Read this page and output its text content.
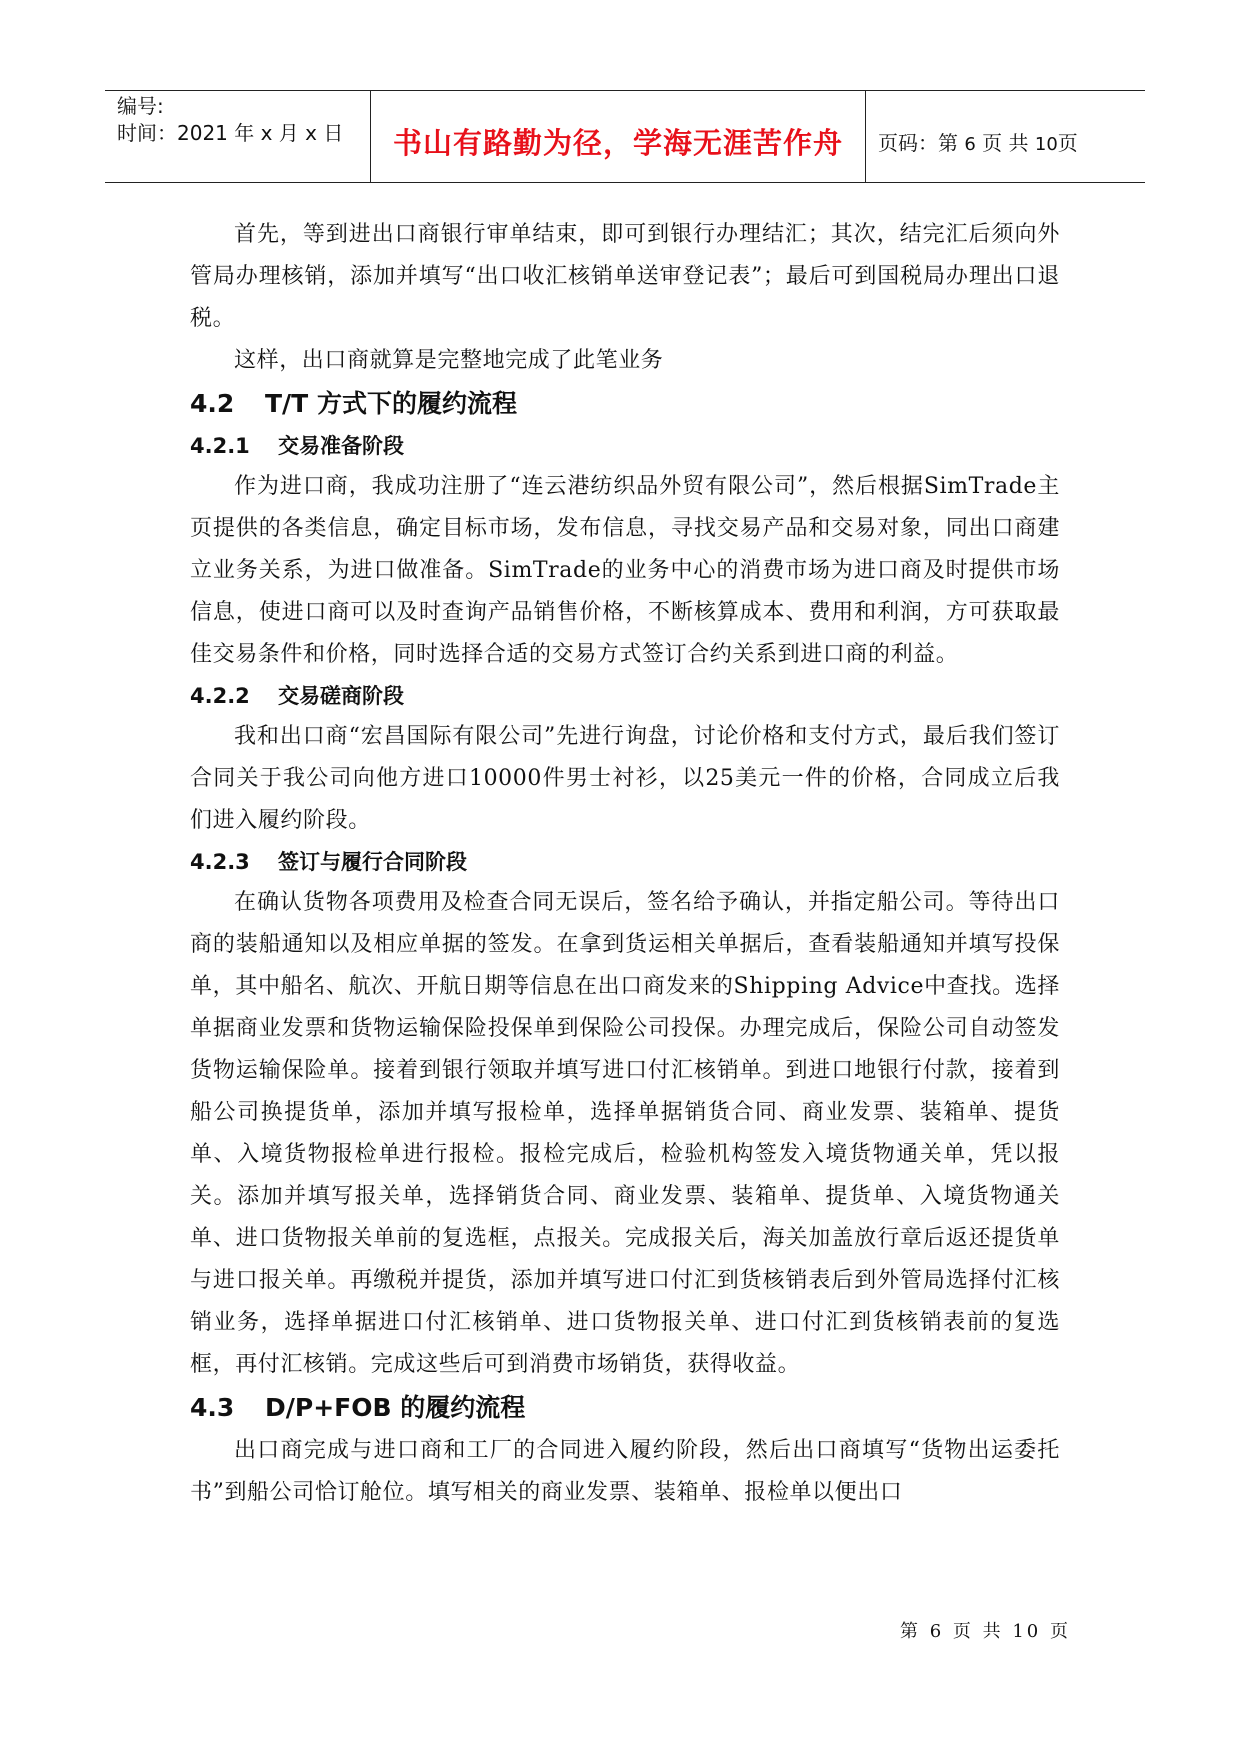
编号:
时间：2021 年 x 月 x 日	书山有路勤为径，学海无涯苦作舟	页码：第 6 页 共 10页

首先，等到进出口商银行审单结束，即可到银行办理结汇；其次，结完汇后须向外管局办理核销，添加并填写“出口收汇核销单送审登记表”；最后可到国税局办理出口退税。

这样，出口商就算是完整地完成了此笔业务

4.2 T/T 方式下的履约流程
4.2.1 交易准备阶段

作为进口商，我成功注册了“连云港纺织品外贸有限公司”，然后根据SimTrade主页提供的各类信息，确定目标市场，发布信息，寻找交易产品和交易对象，同出口商建立业务关系，为进口做准备。SimTrade的业务中心的消费市场为进口商及时提供市场信息，使进口商可以及时查询产品销售价格，不断核算成本、费用和利润，方可获取最佳交易条件和价格，同时选择合适的交易方式签订合约关系到进口商的利益。

4.2.2 交易磋商阶段

我和出口商“宏昌国际有限公司”先进行询盘，讨论价格和支付方式，最后我们签订合同关于我公司向他方进口10000件男士衬衫，以25美元一件的价格，合同成立后我们进入履约阶段。

4.2.3 签订与履行合同阶段

在确认货物各项费用及检查合同无误后，签名给予确认，并指定船公司。等待出口商的装船通知以及相应单据的签发。在拿到货运相关单据后，查看装船通知并填写投保单，其中船名、航次、开航日期等信息在出口商发来的Shipping Advice中查找。选择单据商业发票和货物运输保险投保单到保险公司投保。办理完成后，保险公司自动签发货物运输保险单。接着到银行领取并填写进口付汇核销单。到进口地银行付款，接着到船公司换提货单，添加并填写报检单，选择单据销货合同、商业发票、装箱单、提货单、入境货物报检单进行报检。报检完成后，检验机构签发入境货物通关单，凭以报关。添加并填写报关单，选择销货合同、商业发票、装箱单、提货单、入境货物通关单、进口货物报关单前的复选框，点报关。完成报关后，海关加盖放行章后返还提货单与进口报关单。再缴税并提货，添加并填写进口付汇到货核销表后到外管局选择付汇核销业务，选择单据进口付汇核销单、进口货物报关单、进口付汇到货核销表前的复选框，再付汇核销。完成这些后可到消费市场销货，获得收益。

4.3 D/P+FOB 的履约流程

出口商完成与进口商和工厂的合同进入履约阶段，然后出口商填写“货物出运委托书”到船公司恰订舱位。填写相关的商业发票、装箱单、报检单以便出口

第 6 页 共 10 页
